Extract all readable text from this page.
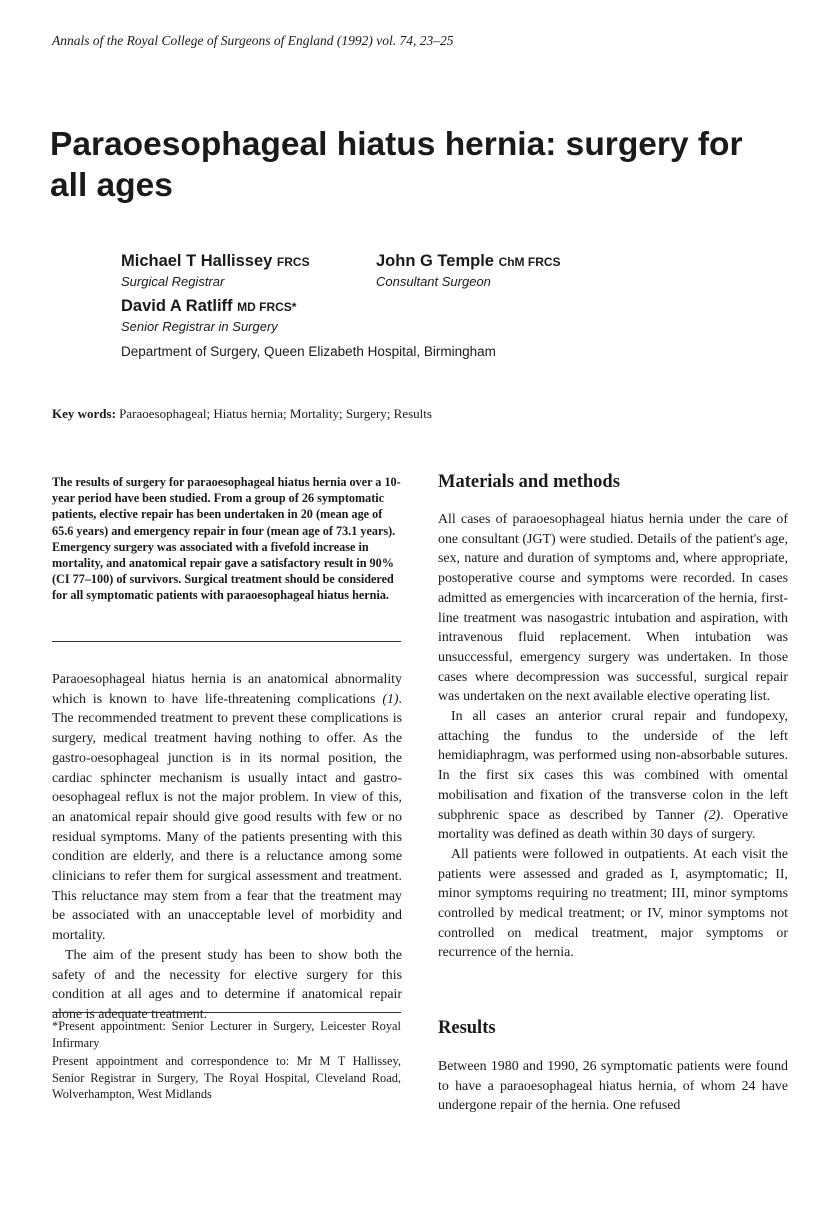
Annals of the Royal College of Surgeons of England (1992) vol. 74, 23–25
Paraoesophageal hiatus hernia: surgery for all ages
Michael T Hallissey FRCS
Surgical Registrar
John G Temple ChM FRCS
Consultant Surgeon
David A Ratliff MD FRCS*
Senior Registrar in Surgery
Department of Surgery, Queen Elizabeth Hospital, Birmingham
Key words: Paraoesophageal; Hiatus hernia; Mortality; Surgery; Results

The results of surgery for paraoesophageal hiatus hernia over a 10-year period have been studied. From a group of 26 symptomatic patients, elective repair has been undertaken in 20 (mean age of 65.6 years) and emergency repair in four (mean age of 73.1 years). Emergency surgery was associated with a fivefold increase in mortality, and anatomical repair gave a satisfactory result in 90% (CI 77–100) of survivors. Surgical treatment should be considered for all symptomatic patients with paraoesophageal hiatus hernia.

Paraoesophageal hiatus hernia is an anatomical abnormality which is known to have life-threatening complications (1). The recommended treatment to prevent these complications is surgery, medical treatment having nothing to offer. As the gastro-oesophageal junction is in its normal position, the cardiac sphincter mechanism is usually intact and gastro-oesophageal reflux is not the major problem. In view of this, an anatomical repair should give good results with few or no residual symptoms. Many of the patients presenting with this condition are elderly, and there is a reluctance among some clinicians to refer them for surgical assessment and treatment. This reluctance may stem from a fear that the treatment may be associated with an unacceptable level of morbidity and mortality.

The aim of the present study has been to show both the safety of and the necessity for elective surgery for this condition at all ages and to determine if anatomical repair alone is adequate treatment.

*Present appointment: Senior Lecturer in Surgery, Leicester Royal Infirmary

Present appointment and correspondence to: Mr M T Hallissey, Senior Registrar in Surgery, The Royal Hospital, Cleveland Road, Wolverhampton, West Midlands

Materials and methods

All cases of paraoesophageal hiatus hernia under the care of one consultant (JGT) were studied. Details of the patient's age, sex, nature and duration of symptoms and, where appropriate, postoperative course and symptoms were recorded. In cases admitted as emergencies with incarceration of the hernia, first-line treatment was nasogastric intubation and aspiration, with intravenous fluid replacement. When intubation was unsuccessful, emergency surgery was undertaken. In those cases where decompression was successful, surgical repair was undertaken on the next available elective operating list.

In all cases an anterior crural repair and fundopexy, attaching the fundus to the underside of the left hemidiaphragm, was performed using non-absorbable sutures. In the first six cases this was combined with omental mobilisation and fixation of the transverse colon in the left subphrenic space as described by Tanner (2). Operative mortality was defined as death within 30 days of surgery.

All patients were followed in outpatients. At each visit the patients were assessed and graded as I, asymptomatic; II, minor symptoms requiring no treatment; III, minor symptoms controlled by medical treatment; or IV, minor symptoms not controlled on medical treatment, major symptoms or recurrence of the hernia.

Results

Between 1980 and 1990, 26 symptomatic patients were found to have a paraoesophageal hiatus hernia, of whom 24 have undergone repair of the hernia. One refused
